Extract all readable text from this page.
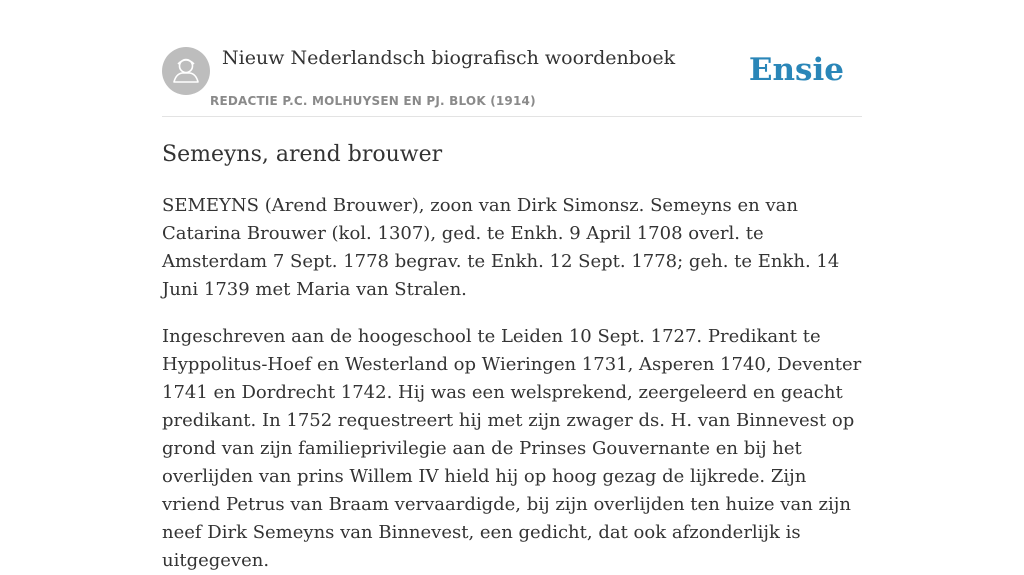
Nieuw Nederlandsch biografisch woordenboek
REDACTIE P.C. MOLHUYSEN EN PJ. BLOK (1914)
Ensie
Semeyns, arend brouwer

SEMEYNS (Arend Brouwer), zoon van Dirk Simonsz. Semeyns en van Catarina Brouwer (kol. 1307), ged. te Enkh. 9 April 1708 overl. te Amsterdam 7 Sept. 1778 begrav. te Enkh. 12 Sept. 1778; geh. te Enkh. 14 Juni 1739 met Maria van Stralen.

Ingeschreven aan de hoogeschool te Leiden 10 Sept. 1727. Predikant te Hyppolitus-Hoef en Westerland op Wieringen 1731, Asperen 1740, Deventer 1741 en Dordrecht 1742. Hij was een welsprekend, zeergeleerd en geacht predikant. In 1752 requestreert hij met zijn zwager ds. H. van Binnevest op grond van zijn familieprivilegie aan de Prinses Gouvernante en bij het overlijden van prins Willem IV hield hij op hoog gezag de lijkrede. Zijn vriend Petrus van Braam vervaardigde, bij zijn overlijden ten huize van zijn neef Dirk Semeyns van Binnevest, een gedicht, dat ook afzonderlijk is uitgegeven.
